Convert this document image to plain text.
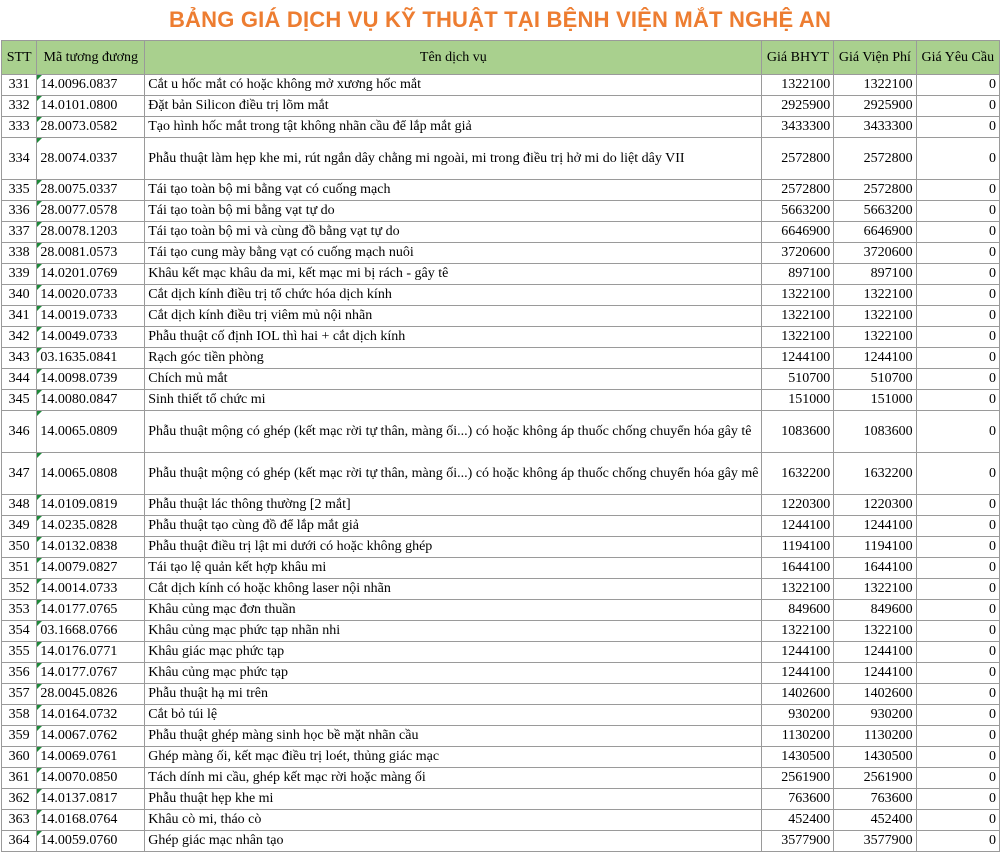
BẢNG GIÁ DỊCH VỤ KỸ THUẬT TẠI BỆNH VIỆN MẮT NGHỆ AN
STT	Mã tương đương	Tên dịch vụ	Giá BHYT	Giá Viện Phí	Giá Yêu Cầu
331	14.0096.0837	Cắt u hốc mắt có hoặc không mở xương hốc mắt	1322100	1322100	0
332	14.0101.0800	Đặt bản Silicon điều trị lõm mắt	2925900	2925900	0
333	28.0073.0582	Tạo hình hốc mắt trong tật không nhãn cầu để lắp mắt giả	3433300	3433300	0
334	28.0074.0337	Phẫu thuật làm hẹp khe mi, rút ngắn dây chằng mi ngoài, mi trong điều trị hở mi do liệt dây VII	2572800	2572800	0
335	28.0075.0337	Tái tạo toàn bộ mi bằng vạt có cuống mạch	2572800	2572800	0
336	28.0077.0578	Tái tạo toàn bộ mi bằng vạt tự do	5663200	5663200	0
337	28.0078.1203	Tái tạo toàn bộ mi và cùng đồ bằng vạt tự do	6646900	6646900	0
338	28.0081.0573	Tái tạo cung mày bằng vạt có cuống mạch nuôi	3720600	3720600	0
339	14.0201.0769	Khâu kết mạc khâu da mi, kết mạc mi bị rách - gây tê	897100	897100	0
340	14.0020.0733	Cắt dịch kính điều trị tổ chức hóa dịch kính	1322100	1322100	0
341	14.0019.0733	Cắt dịch kính điều trị viêm mủ nội nhãn	1322100	1322100	0
342	14.0049.0733	Phẫu thuật cố định IOL thì hai + cắt dịch kính	1322100	1322100	0
343	03.1635.0841	Rạch góc tiền phòng	1244100	1244100	0
344	14.0098.0739	Chích mủ mắt	510700	510700	0
345	14.0080.0847	Sinh thiết tổ chức mi	151000	151000	0
346	14.0065.0809	Phẫu thuật mộng có ghép (kết mạc rời tự thân, màng ối...) có hoặc không áp thuốc chống chuyển hóa gây tê	1083600	1083600	0
347	14.0065.0808	Phẫu thuật mộng có ghép (kết mạc rời tự thân, màng ối...) có hoặc không áp thuốc chống chuyển hóa gây mê	1632200	1632200	0
348	14.0109.0819	Phẫu thuật lác thông thường [2 mắt]	1220300	1220300	0
349	14.0235.0828	Phẫu thuật tạo cùng đồ để lắp mắt giả	1244100	1244100	0
350	14.0132.0838	Phẫu thuật điều trị lật mi dưới có hoặc không ghép	1194100	1194100	0
351	14.0079.0827	Tái tạo lệ quản kết hợp khâu mi	1644100	1644100	0
352	14.0014.0733	Cắt dịch kính có hoặc không laser nội nhãn	1322100	1322100	0
353	14.0177.0765	Khâu củng mạc đơn thuần	849600	849600	0
354	03.1668.0766	Khâu củng mạc phức tạp nhãn nhi	1322100	1322100	0
355	14.0176.0771	Khâu giác mạc phức tạp	1244100	1244100	0
356	14.0177.0767	Khâu củng mạc phức tạp	1244100	1244100	0
357	28.0045.0826	Phẫu thuật hạ mi trên	1402600	1402600	0
358	14.0164.0732	Cắt bỏ túi lệ	930200	930200	0
359	14.0067.0762	Phẫu thuật ghép màng sinh học bề mặt nhãn cầu	1130200	1130200	0
360	14.0069.0761	Ghép màng ối, kết mạc điều trị loét, thủng giác mạc	1430500	1430500	0
361	14.0070.0850	Tách dính mi cầu, ghép kết mạc rời hoặc màng ối	2561900	2561900	0
362	14.0137.0817	Phẫu thuật hẹp khe mi	763600	763600	0
363	14.0168.0764	Khâu cò mi, tháo cò	452400	452400	0
364	14.0059.0760	Ghép giác mạc nhân tạo	3577900	3577900	0
